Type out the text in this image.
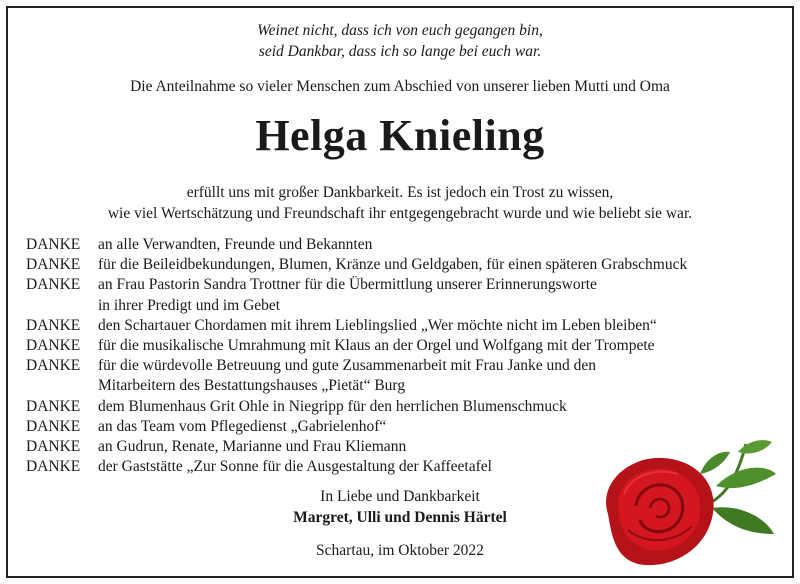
Weinet nicht, dass ich von euch gegangen bin,
seid Dankbar, dass ich so lange bei euch war.
Die Anteilnahme so vieler Menschen zum Abschied von unserer lieben Mutti und Oma
Helga Knieling
erfüllt uns mit großer Dankbarkeit. Es ist jedoch ein Trost zu wissen,
wie viel Wertschätzung und Freundschaft ihr entgegengebracht wurde und wie beliebt sie war.
DANKE	an alle Verwandten, Freunde und Bekannten
DANKE	für die Beileidbekundungen, Blumen, Kränze und Geldgaben, für einen späteren Grabschmuck
DANKE	an Frau Pastorin Sandra Trottner für die Übermittlung unserer Erinnerungsworte
in ihrer Predigt und im Gebet
DANKE	den Schartauer Chordamen mit ihrem Lieblingslied „Wer möchte nicht im Leben bleiben“
DANKE	für die musikalische Umrahmung mit Klaus an der Orgel und Wolfgang mit der Trompete
DANKE	für die würdevolle Betreuung und gute Zusammenarbeit mit Frau Janke und den
Mitarbeitern des Bestattungshauses „Pietät“ Burg
DANKE	dem Blumenhaus Grit Ohle in Niegripp für den herrlichen Blumenschmuck
DANKE	an das Team vom Pflegedienst „Gabrielenhof“
DANKE	an Gudrun, Renate, Marianne und Frau Kliemann
DANKE	der Gaststätte „Zur Sonne für die Ausgestaltung der Kaffeetafel
In Liebe und Dankbarkeit
Margret, Ulli und Dennis Härtel
Schartau, im Oktober 2022
